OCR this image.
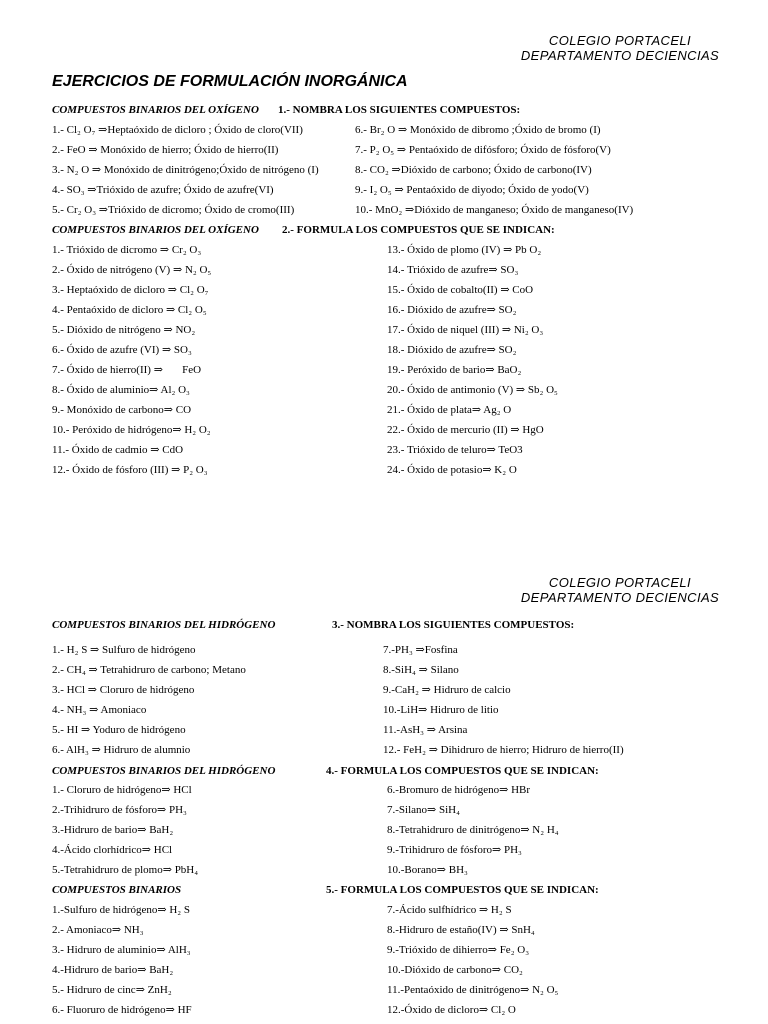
COLEGIO PORTACELI
DEPARTAMENTO DECIENCIAS
EJERCICIOS DE FORMULACIÓN INORGÁNICA
COMPUESTOS BINARIOS DEL OXÍGENO 1.- NOMBRA LOS SIGUIENTES COMPUESTOS:
1.- Cl₂ O₇ ⇒Heptaóxido de dicloro ; Óxido de cloro(VII)
2.- FeO ⇒ Monóxido de hierro; Óxido de hierro(II)
3.- N₂ O ⇒ Monóxido de dinitrógeno;Óxido de nitrógeno (I)
4.- SO₃ ⇒Trióxido de azufre; Óxido de azufre(VI)
5.- Cr₂ O₃ ⇒Trióxido de dicromo; Óxido de cromo(III)
6.- Br₂ O ⇒ Monóxido de dibromo ;Óxido de bromo (I)
7.- P₂ O₅ ⇒ Pentaóxido de difósforo; Óxido de fósforo(V)
8.- CO₂ ⇒Dióxido de carbono; Óxido de carbono(IV)
9.- I₂ O₅ ⇒ Pentaóxido de diyodo; Óxido de yodo(V)
10.- MnO₂ ⇒Dióxido de manganeso; Óxido de manganeso(IV)
COMPUESTOS BINARIOS DEL OXÍGENO 2.- FORMULA LOS COMPUESTOS QUE SE INDICAN:
1.- Trióxido de dicromo ⇒ Cr₂ O₃
2.- Óxido de nitrógeno (V) ⇒ N₂ O₅
3.- Heptaóxido de dicloro ⇒ Cl₂ O₇
4.- Pentaóxido de dicloro ⇒ Cl₂ O₅
5.- Dióxido de nitrógeno ⇒ NO₂
6.- Óxido de azufre (VI) ⇒ SO₃
7.- Óxido de hierro(II) ⇒       FeO
8.- Óxido de aluminio⇒ Al₂ O₃
9.- Monóxido de carbono⇒ CO
10.- Peróxido de hidrógeno⇒ H₂ O₂
11.- Óxido de cadmio ⇒ CdO
12.- Óxido de fósforo (III) ⇒ P₂ O₃
13.- Óxido de plomo (IV) ⇒ Pb O₂
14.- Trióxido de azufre⇒ SO₃
15.- Óxido de cobalto(II) ⇒ CoO
16.- Dióxido de azufre⇒ SO₂
17.- Óxido de niquel (III) ⇒ Ni₂ O₃
18.- Dióxido de azufre⇒ SO₂
19.- Peróxido de bario⇒ BaO₂
20.- Óxido de antimonio (V) ⇒ Sb₂ O₅
21.- Óxido de plata⇒ Ag₂ O
22.- Óxido de mercurio (II) ⇒ HgO
23.- Trióxido de teluro⇒ TeO3
24.- Óxido de potasio⇒ K₂ O
COLEGIO PORTACELI
DEPARTAMENTO DECIENCIAS
COMPUESTOS BINARIOS DEL HIDRÓGENO	3.- NOMBRA LOS SIGUIENTES COMPUESTOS:
1.- H₂ S ⇒ Sulfuro de hidrógeno
2.- CH₄ ⇒ Tetrahidruro de carbono; Metano
3.- HCl ⇒ Cloruro de hidrógeno
4.- NH₃ ⇒ Amoniaco
5.- HI ⇒ Yoduro de hidrógeno
6.- AlH₃ ⇒ Hidruro de alumnio
7.-PH₃ ⇒Fosfina
8.-SiH₄ ⇒ Silano
9.-CaH₂ ⇒ Hidruro de calcio
10.-LiH⇒ Hidruro de litio
11.-AsH₃ ⇒ Arsina
12.- FeH₂ ⇒ Dihidruro de hierro; Hidruro de hierro(II)
COMPUESTOS BINARIOS DEL HIDRÓGENO	4.- FORMULA LOS COMPUESTOS QUE SE INDICAN:
1.- Cloruro de hidrógeno⇒ HCl
2.-Trihidruro de fósforo⇒ PH₃
3.-Hidruro de bario⇒ BaH₂
4.-Ácido clorhídrico⇒ HCl
5.-Tetrahidruro de plomo⇒ PbH₄
6.-Bromuro de hidrógeno⇒ HBr
7.-Silano⇒ SiH₄
8.-Tetrahidruro de dinitrógeno⇒ N₂ H₄
9.-Trihidruro de fósforo⇒ PH₃
10.-Borano⇒ BH₃
COMPUESTOS BINARIOS	5.- FORMULA LOS COMPUESTOS QUE SE INDICAN:
1.-Sulfuro de hidrógeno⇒ H₂ S
2.- Amoniaco⇒ NH₃
3.- Hidruro de aluminio⇒ AlH₃
4.-Hidruro de bario⇒ BaH₂
5.- Hidruro de cinc⇒ ZnH₂
6.- Fluoruro de hidrógeno⇒ HF
7.-Ácido sulfhídrico ⇒ H₂ S
8.-Hidruro de estaño(IV) ⇒ SnH₄
9.-Trióxido de dihierro⇒ Fe₂ O₃
10.-Dióxido de carbono⇒ CO₂
11.-Pentaóxido de dinitrógeno⇒ N₂ O₅
12.-Óxido de dicloro⇒ Cl₂ O
